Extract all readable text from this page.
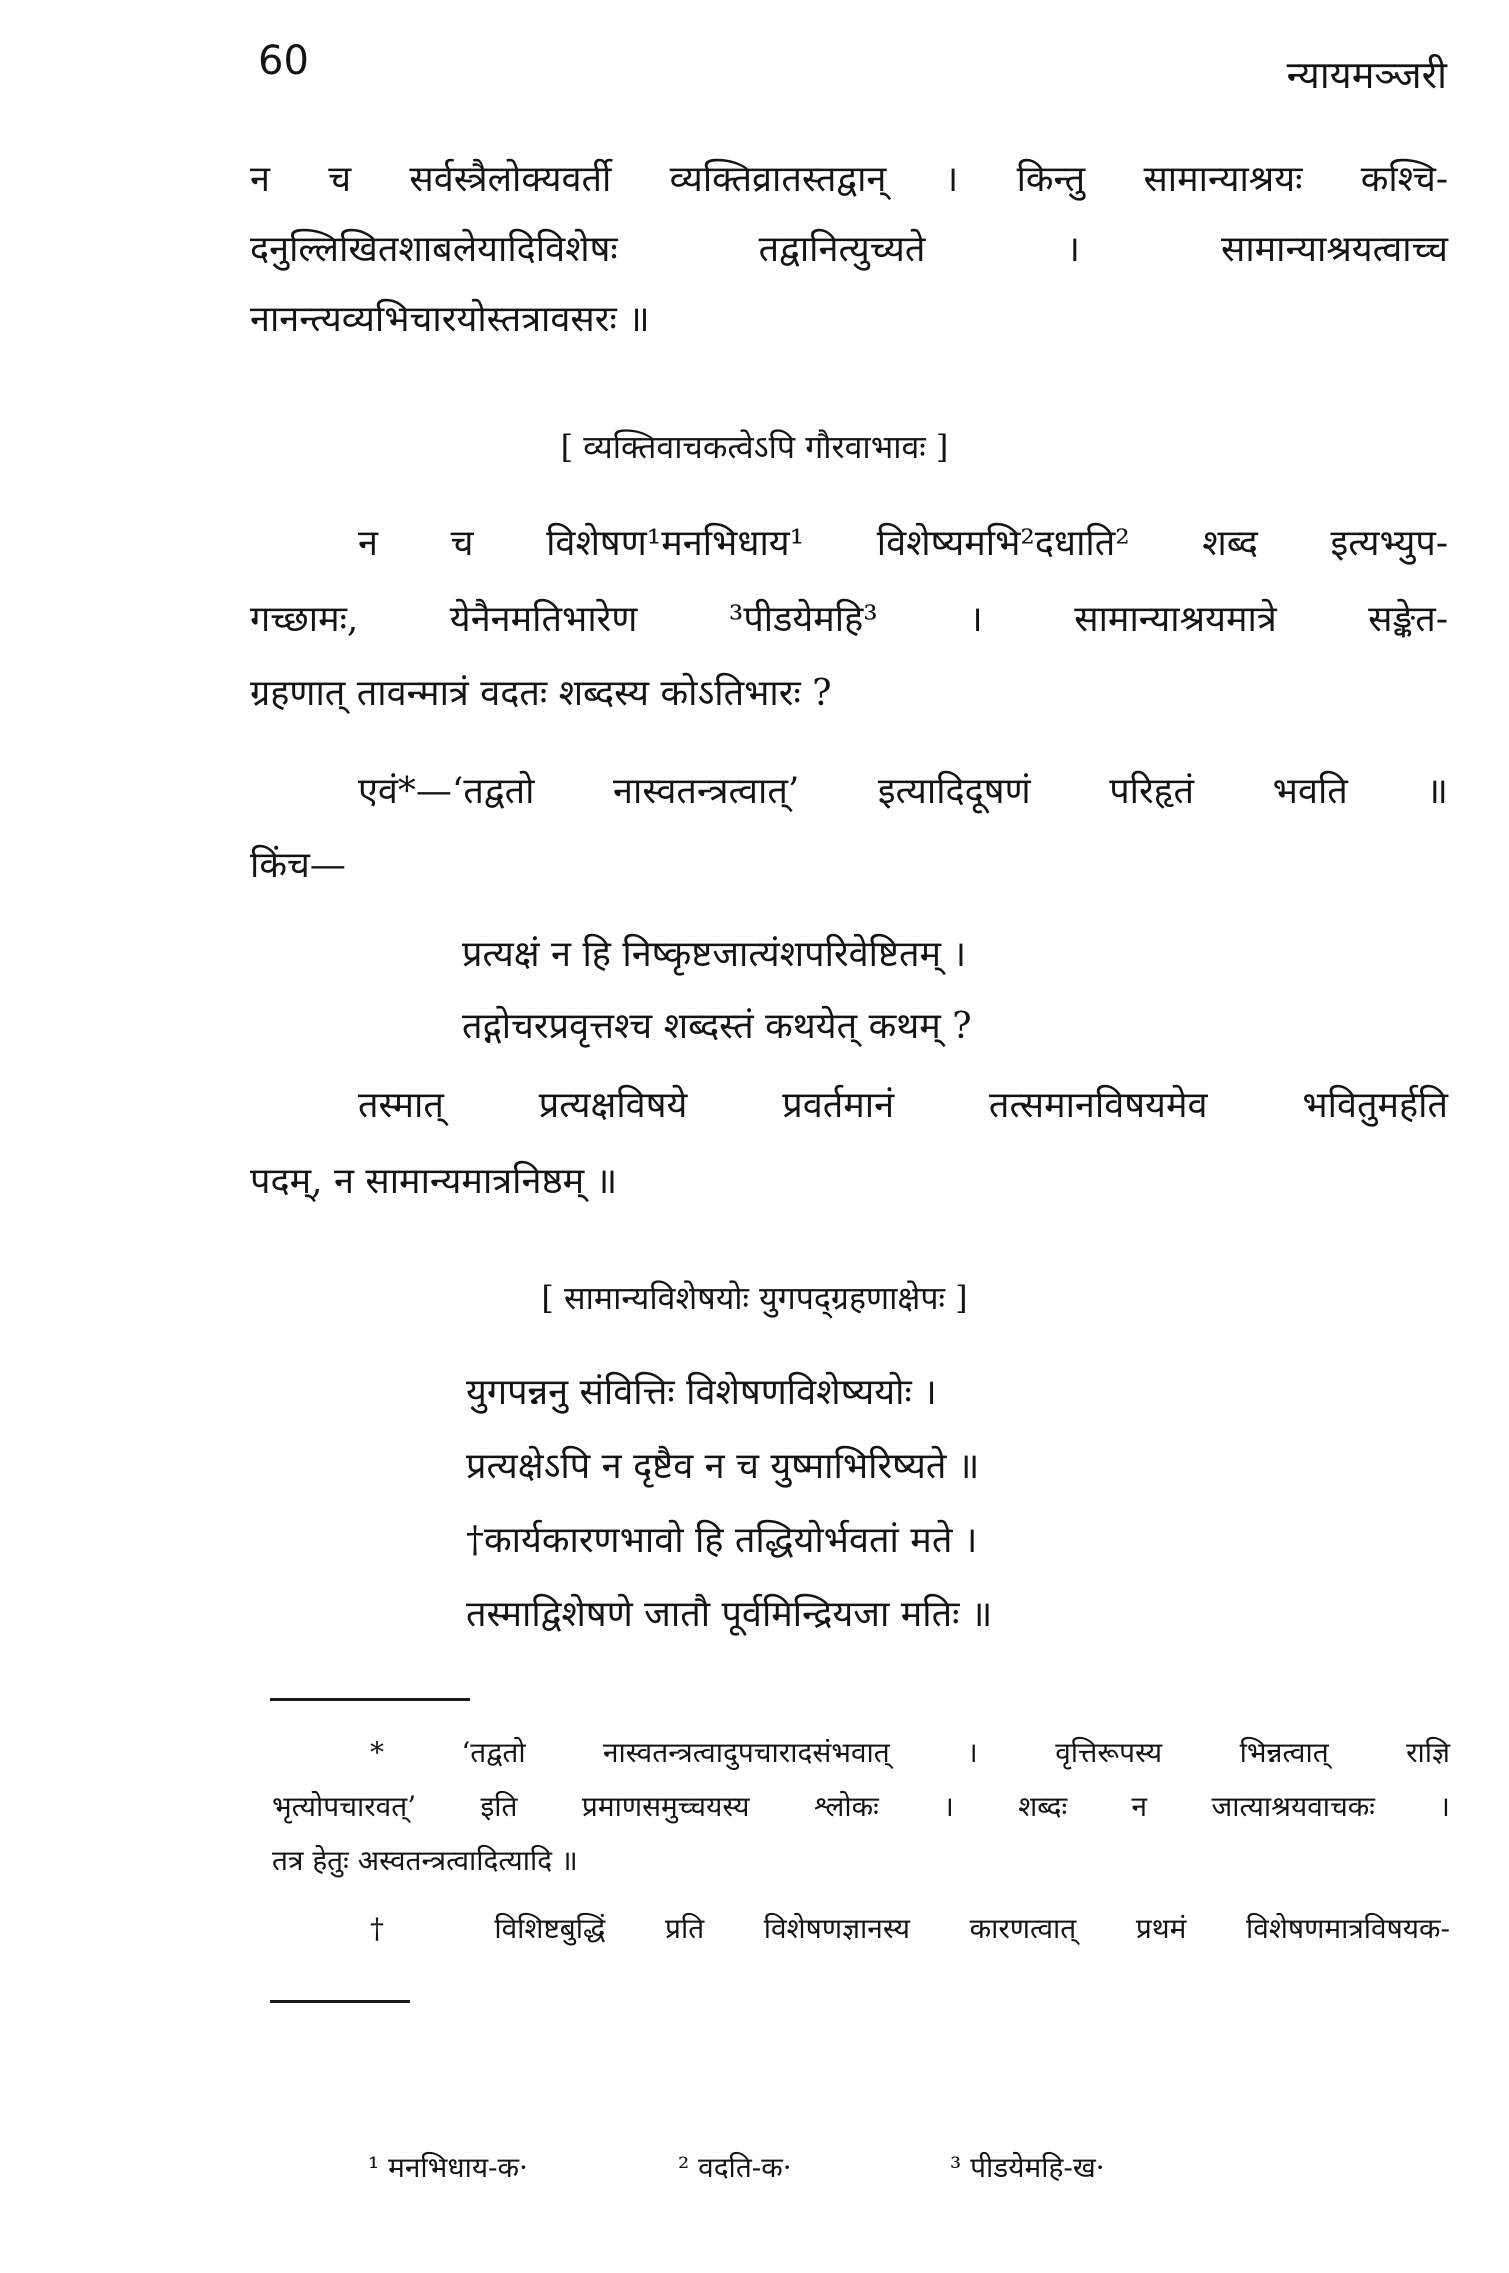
60	न्यायमञ्जरी
न च सर्वस्त्रैलोक्यवर्ती व्यक्तिव्रातस्तद्वान् । किन्तु सामान्याश्रयः कश्चि-
दनुल्लिखितशाबलेयादिविशेषः तद्वानित्युच्यते । सामान्याश्रयत्वाच्च
नानन्त्यव्यभिचारयोस्तत्रावसरः ॥
[ व्यक्तिवाचकत्वेऽपि गौरवाभावः ]
न च विशेषण¹मनभिधाय¹ विशेष्यमभि²दधाति² शब्द इत्यभ्युप-
गच्छामः, येनैनमतिभारेण ³पीडयेमहि³ । सामान्याश्रयमात्रे सङ्केत-
ग्रहणात् तावन्मात्रं वदतः शब्दस्य कोऽतिभारः ?
एवं*—‘तद्वतो नास्वतन्त्रत्वात्’ इत्यादिदूषणं परिहृतं भवति ॥
किंच—
प्रत्यक्षं न हि निष्कृष्टजात्यंशपरिवेष्टितम् ।
तद्गोचरप्रवृत्तश्च शब्दस्तं कथयेत् कथम् ?
तस्मात् प्रत्यक्षविषये प्रवर्तमानं तत्समानविषयमेव भवितुमर्हति
पदम्, न सामान्यमात्रनिष्ठम् ॥
[ सामान्यविशेषयोः युगपद्ग्रहणाक्षेपः ]
युगपन्ननु संवित्तिः विशेषणविशेष्ययोः ।
प्रत्यक्षेऽपि न दृष्टैव न च युष्माभिरिष्यते ॥
†कार्यकारणभावो हि तद्धियोर्भवतां मते ।
तस्माद्विशेषणे जातौ पूर्वमिन्द्रियजा मतिः ॥
* ‘तद्वतो नास्वतन्त्रत्वादुपचारादसंभवात् । वृत्तिरूपस्य भिन्नत्वात् राज्ञि
भृत्योपचारवत्’ इति प्रमाणसमुच्चयस्य श्लोकः । शब्दः न जात्याश्रयवाचकः ।
तत्र हेतुः अस्वतन्त्रत्वादित्यादि ॥
† विशिष्टबुद्धिं प्रति विशेषणज्ञानस्य कारणत्वात् प्रथमं विशेषणमात्रविषयक-
¹ मनभिधाय-क·	² वदति-क·	³ पीडयेमहि-ख·
